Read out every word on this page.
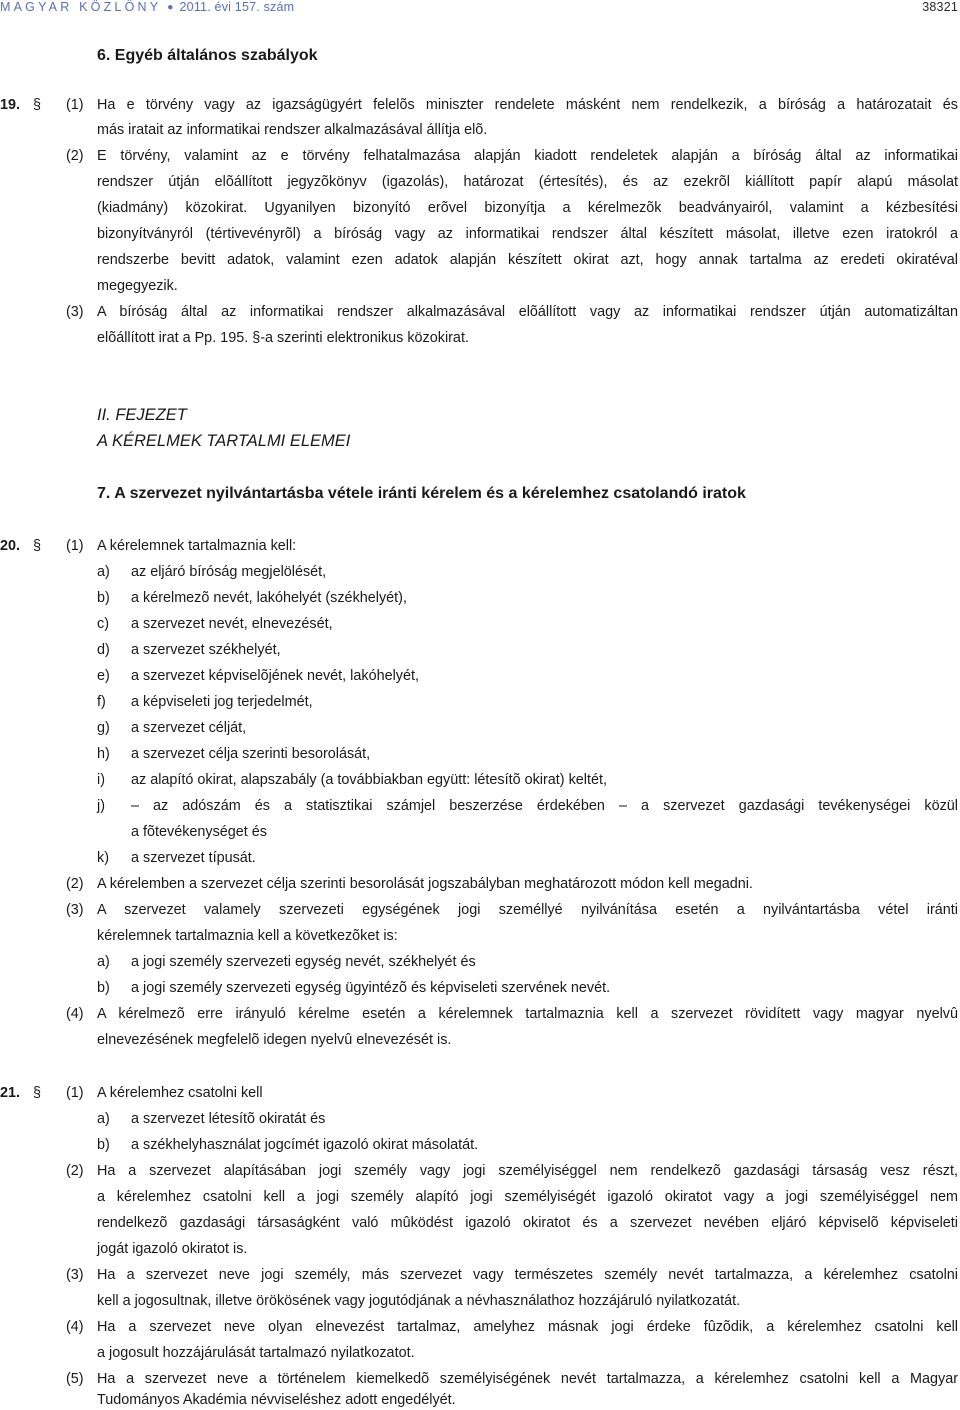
MAGYAR KÖZLÖNY ● 2011. évi 157. szám	38321
6. Egyéb általános szabályok
19. § (1) Ha e törvény vagy az igazságügyért felelõs miniszter rendelete másként nem rendelkezik, a bíróság a határozatait és
más iratait az informatikai rendszer alkalmazásával állítja elõ.
(2) E törvény, valamint az e törvény felhatalmazása alapján kiadott rendeletek alapján a bíróság által az informatikai
rendszer útján elõállított jegyzõkönyv (igazolás), határozat (értesítés), és az ezekrõl kiállított papír alapú másolat
(kiadmány) közokirat. Ugyanilyen bizonyító erõvel bizonyítja a kérelmezõk beadványairól, valamint a kézbesítési
bizonyítványról (tértivevényrõl) a bíróság vagy az informatikai rendszer által készített másolat, illetve ezen iratokról a
rendszerbe bevitt adatok, valamint ezen adatok alapján készített okirat azt, hogy annak tartalma az eredeti okiratéval
megegyezik.
(3) A bíróság által az informatikai rendszer alkalmazásával elõállított vagy az informatikai rendszer útján automatizáltan
elõállított irat a Pp. 195. §-a szerinti elektronikus közokirat.
II. FEJEZET
A KÉRELMEK TARTALMI ELEMEI
7. A szervezet nyilvántartásba vétele iránti kérelem és a kérelemhez csatolandó iratok
20. § (1) A kérelemnek tartalmaznia kell:
a) az eljáró bíróság megjelölését,
b) a kérelmezõ nevét, lakóhelyét (székhelyét),
c) a szervezet nevét, elnevezését,
d) a szervezet székhelyét,
e) a szervezet képviselõjének nevét, lakóhelyét,
f) a képviseleti jog terjedelmét,
g) a szervezet célját,
h) a szervezet célja szerinti besorolását,
i) az alapító okirat, alapszabály (a továbbiakban együtt: létesítõ okirat) keltét,
j) – az adószám és a statisztikai számjel beszerzése érdekében – a szervezet gazdasági tevékenységei közül
a fõtevékenységet és
k) a szervezet típusát.
(2) A kérelemben a szervezet célja szerinti besorolását jogszabályban meghatározott módon kell megadni.
(3) A szervezet valamely szervezeti egységének jogi személlyé nyilvánítása esetén a nyilvántartásba vétel iránti
kérelemnek tartalmaznia kell a következõket is:
a) a jogi személy szervezeti egység nevét, székhelyét és
b) a jogi személy szervezeti egység ügyintézõ és képviseleti szervének nevét.
(4) A kérelmezõ erre irányuló kérelme esetén a kérelemnek tartalmaznia kell a szervezet rövidített vagy magyar nyelvû
elnevezésének megfelelõ idegen nyelvû elnevezését is.
21. § (1) A kérelemhez csatolni kell
a) a szervezet létesítõ okiratát és
b) a székhelyhasználat jogcímét igazoló okirat másolatát.
(2) Ha a szervezet alapításában jogi személy vagy jogi személyiséggel nem rendelkezõ gazdasági társaság vesz részt,
a kérelemhez csatolni kell a jogi személy alapító jogi személyiségét igazoló okiratot vagy a jogi személyiséggel nem
rendelkezõ gazdasági társaságként való mûködést igazoló okiratot és a szervezet nevében eljáró képviselõ képviseleti
jogát igazoló okiratot is.
(3) Ha a szervezet neve jogi személy, más szervezet vagy természetes személy nevét tartalmazza, a kérelemhez csatolni
kell a jogosultnak, illetve örökösének vagy jogutódjának a névhasználathoz hozzájáruló nyilatkozatát.
(4) Ha a szervezet neve olyan elnevezést tartalmaz, amelyhez másnak jogi érdeke fûzõdik, a kérelemhez csatolni kell
a jogosult hozzájárulását tartalmazó nyilatkozatot.
(5) Ha a szervezet neve a történelem kiemelkedõ személyiségének nevét tartalmazza, a kérelemhez csatolni kell a Magyar
Tudományos Akadémia névviseléshez adott engedélyét.
